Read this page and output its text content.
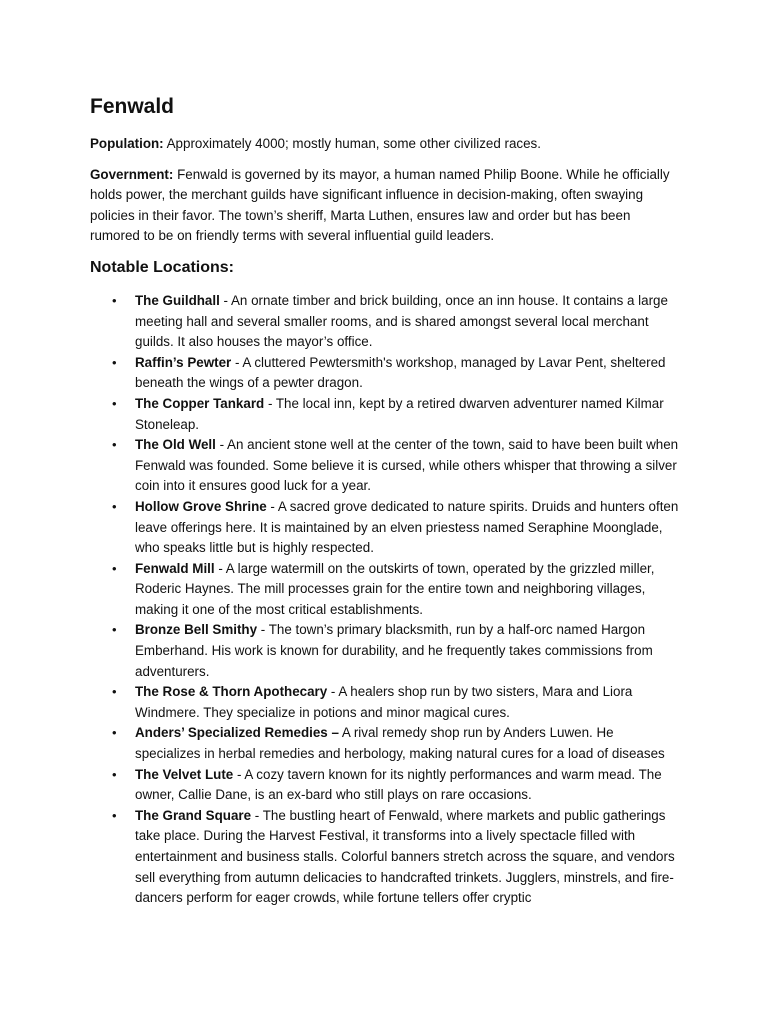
Fenwald

Population: Approximately 4000; mostly human, some other civilized races.

Government: Fenwald is governed by its mayor, a human named Philip Boone. While he officially holds power, the merchant guilds have significant influence in decision-making, often swaying policies in their favor. The town’s sheriff, Marta Luthen, ensures law and order but has been rumored to be on friendly terms with several influential guild leaders.

Notable Locations:
• The Guildhall - An ornate timber and brick building, once an inn house. It contains a large meeting hall and several smaller rooms, and is shared amongst several local merchant guilds. It also houses the mayor’s office.
• Raffin’s Pewter - A cluttered Pewtersmith's workshop, managed by Lavar Pent, sheltered beneath the wings of a pewter dragon.
• The Copper Tankard - The local inn, kept by a retired dwarven adventurer named Kilmar Stoneleap.
• The Old Well - An ancient stone well at the center of the town, said to have been built when Fenwald was founded. Some believe it is cursed, while others whisper that throwing a silver coin into it ensures good luck for a year.
• Hollow Grove Shrine - A sacred grove dedicated to nature spirits. Druids and hunters often leave offerings here. It is maintained by an elven priestess named Seraphine Moonglade, who speaks little but is highly respected.
• Fenwald Mill - A large watermill on the outskirts of town, operated by the grizzled miller, Roderic Haynes. The mill processes grain for the entire town and neighboring villages, making it one of the most critical establishments.
• Bronze Bell Smithy - The town’s primary blacksmith, run by a half-orc named Hargon Emberhand. His work is known for durability, and he frequently takes commissions from adventurers.
• The Rose & Thorn Apothecary - A healers shop run by two sisters, Mara and Liora Windmere. They specialize in potions and minor magical cures.
• Anders’ Specialized Remedies – A rival remedy shop run by Anders Luwen. He specializes in herbal remedies and herbology, making natural cures for a load of diseases
• The Velvet Lute - A cozy tavern known for its nightly performances and warm mead. The owner, Callie Dane, is an ex-bard who still plays on rare occasions.
• The Grand Square - The bustling heart of Fenwald, where markets and public gatherings take place. During the Harvest Festival, it transforms into a lively spectacle filled with entertainment and business stalls. Colorful banners stretch across the square, and vendors sell everything from autumn delicacies to handcrafted trinkets. Jugglers, minstrels, and fire-dancers perform for eager crowds, while fortune tellers offer cryptic
